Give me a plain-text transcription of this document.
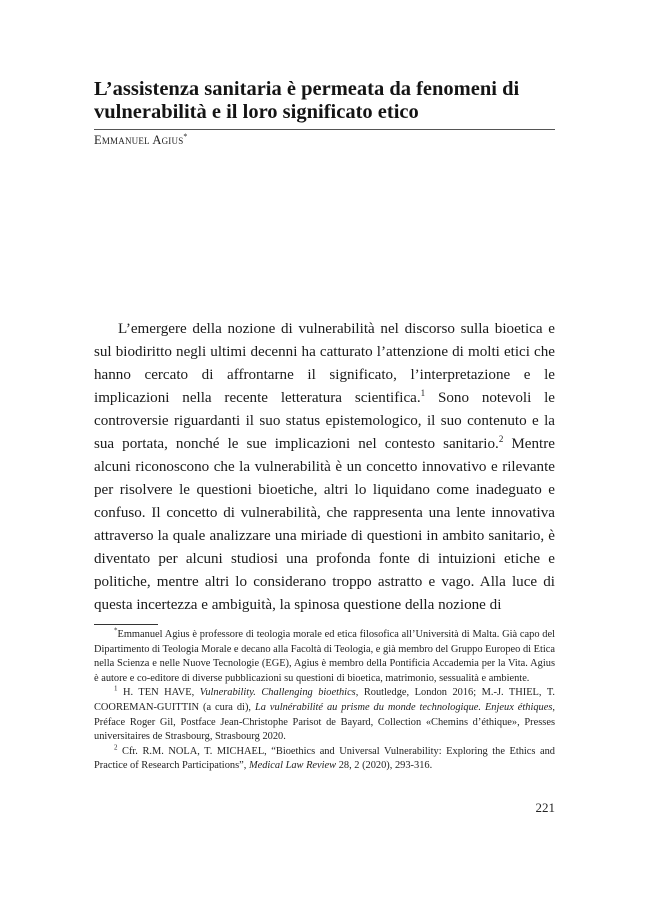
L’assistenza sanitaria è permeata da fenomeni di vulnerabilità e il loro significato etico
Emmanuel Agius*

L’emergere della nozione di vulnerabilità nel discorso sulla bioetica e sul biodiritto negli ultimi decenni ha catturato l’attenzione di molti etici che hanno cercato di affrontarne il significato, l’interpretazione e le implicazioni nella recente letteratura scientifica.$^1$ Sono notevoli le controversie riguardanti il suo status epistemologico, il suo contenuto e la sua portata, nonché le sue implicazioni nel contesto sanitario.$^2$ Mentre alcuni riconoscono che la vulnerabilità è un concetto innovativo e rilevante per risolvere le questioni bioetiche, altri lo liquidano come inadeguato e confuso. Il concetto di vulnerabilità, che rappresenta una lente innovativa attraverso la quale analizzare una miriade di questioni in ambito sanitario, è diventato per alcuni studiosi una profonda fonte di intuizioni etiche e politiche, mentre altri lo considerano troppo astratto e vago. Alla luce di questa incertezza e ambiguità, la spinosa questione della nozione di

*Emmanuel Agius è professore di teologia morale ed etica filosofica all’Università di Malta. Già capo del Dipartimento di Teologia Morale e decano alla Facoltà di Teologia, e già membro del Gruppo Europeo di Etica nella Scienza e nelle Nuove Tecnologie (EGE), Agius è membro della Pontificia Accademia per la Vita. Agius è autore e co-editore di diverse pubblicazioni su questioni di bioetica, matrimonio, sessualità e ambiente.

$^1$ H. TEN HAVE, Vulnerability. Challenging bioethics, Routledge, London 2016; M.-J. THIEL, T. COOREMAN-GUITTIN (a cura di), La vulnérabilité au prisme du monde technologique. Enjeux éthiques, Préface Roger Gil, Postface Jean-Christophe Parisot de Bayard, Collection «Chemins d’éthique», Presses universitaires de Strasbourg, Strasbourg 2020.

$^2$ Cfr. R.M. NOLA, T. MICHAEL, “Bioethics and Universal Vulnerability: Exploring the Ethics and Practice of Research Participations”, Medical Law Review 28, 2 (2020), 293-316.

221
